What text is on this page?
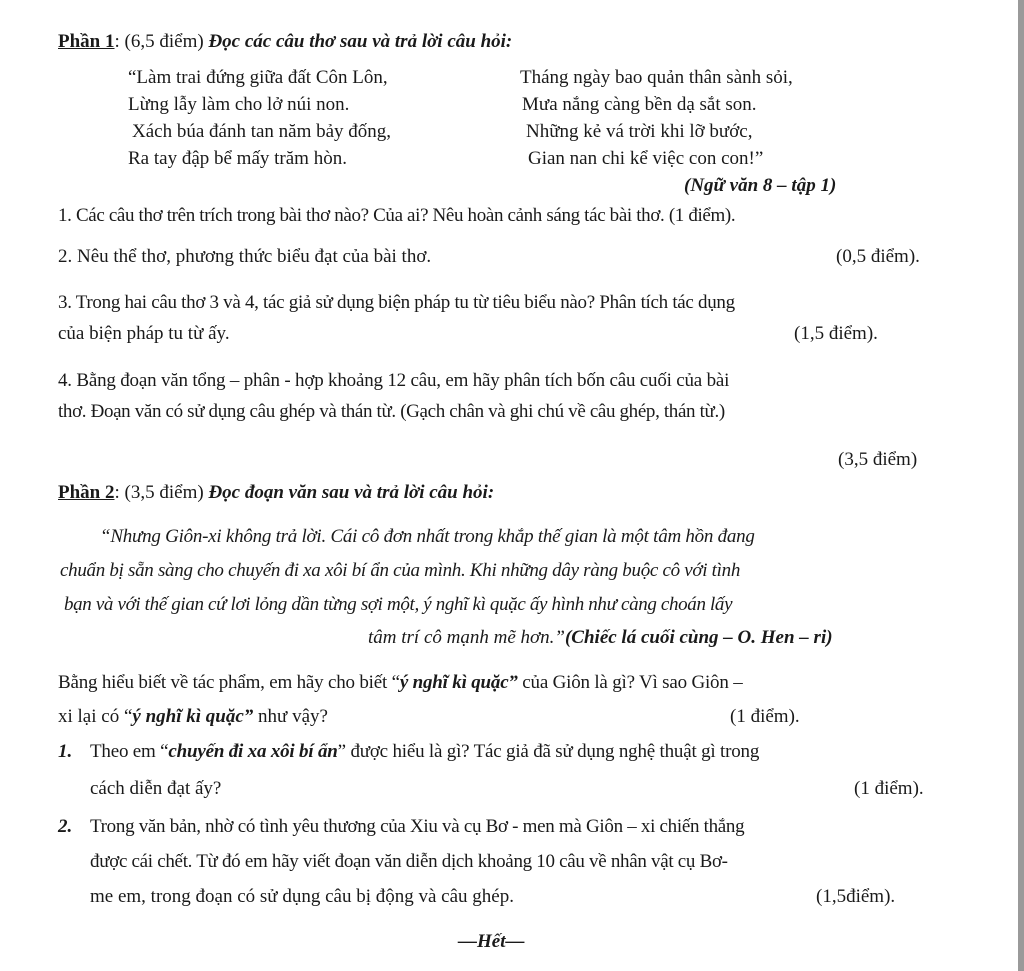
Phần 1: (6,5 điểm) Đọc các câu thơ sau và trả lời câu hỏi:
“Làm trai đứng giữa đất Côn Lôn,
Lừng lẫy làm cho lở núi non.
Xách búa đánh tan năm bảy đống,
Ra tay đập bể mấy trăm hòn.
Tháng ngày bao quản thân sành sỏi,
Mưa nắng càng bền dạ sắt son.
Những kẻ vá trời khi lỡ bước,
Gian nan chi kể việc con con!”
(Ngữ văn 8 – tập 1)
1. Các câu thơ trên trích trong bài thơ nào? Của ai? Nêu hoàn cảnh sáng tác bài thơ. (1 điểm).
2. Nêu thể thơ, phương thức biểu đạt của bài thơ.	(0,5 điểm).
3. Trong hai câu thơ 3 và 4, tác giả sử dụng biện pháp tu từ tiêu biểu nào? Phân tích tác dụng
của biện pháp tu từ ấy.	(1,5 điểm).
4. Bằng đoạn văn tổng – phân - hợp khoảng 12 câu, em hãy phân tích bốn câu cuối của bài
thơ. Đoạn văn có sử dụng câu ghép và thán từ. (Gạch chân và ghi chú về câu ghép, thán từ.)
(3,5 điểm)
Phần 2: (3,5 điểm) Đọc đoạn văn sau và trả lời câu hỏi:
“Nhưng Giôn-xi không trả lời. Cái cô đơn nhất trong khắp thế gian là một tâm hồn đang
chuẩn bị sẵn sàng cho chuyến đi xa xôi bí ẩn của mình. Khi những dây ràng buộc cô với tình
bạn và với thế gian cứ lơi lỏng dần từng sợi một, ý nghĩ kì quặc ấy hình như càng choán lấy
tâm trí cô mạnh mẽ hơn.”(Chiếc lá cuối cùng – O. Hen – ri)
Bằng hiểu biết về tác phẩm, em hãy cho biết “ý nghĩ kì quặc” của Giôn là gì? Vì sao Giôn –
xi lại có “ý nghĩ kì quặc” như vậy?	(1 điểm).
1. Theo em “chuyến đi xa xôi bí ẩn” được hiểu là gì? Tác giả đã sử dụng nghệ thuật gì trong
cách diễn đạt ấy?	(1 điểm).
2. Trong văn bản, nhờ có tình yêu thương của Xiu và cụ Bơ - men mà Giôn – xi chiến thắng
được cái chết. Từ đó em hãy viết đoạn văn diễn dịch khoảng 10 câu về nhân vật cụ Bơ-
me em, trong đoạn có sử dụng câu bị động và câu ghép.	(1,5điểm).
—Hết—
